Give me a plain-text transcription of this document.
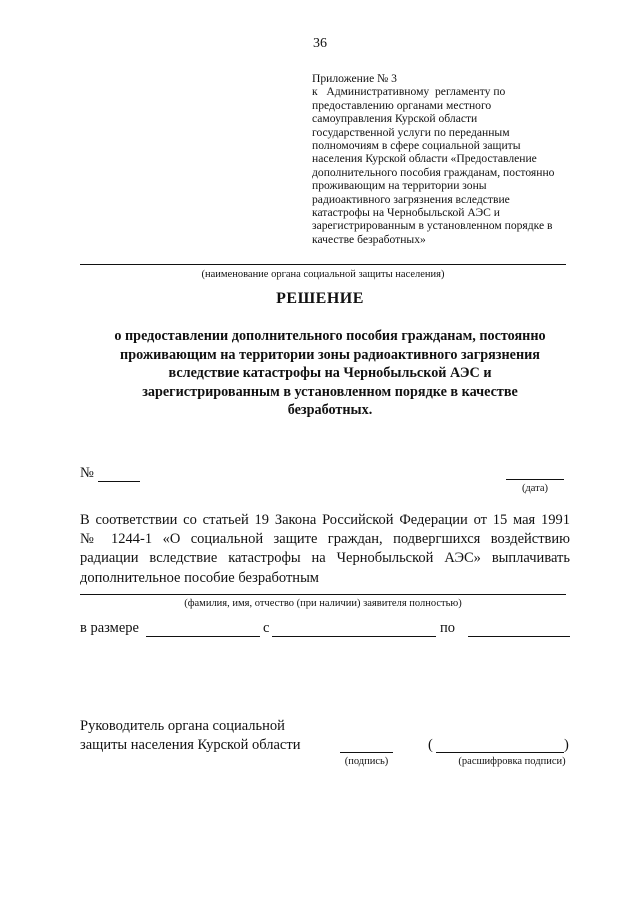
36
Приложение № 3
к   Административному  регламенту по
предоставлению органами местного
самоуправления Курской области
государственной услуги по переданным
полномочиям в сфере социальной защиты
населения Курской области «Предоставление
дополнительного пособия гражданам, постоянно
проживающим на территории зоны
радиоактивного загрязнения вследствие
катастрофы на Чернобыльской АЭС и
зарегистрированным в установленном порядке в
качестве безработных»
(наименование органа социальной защиты населения)
РЕШЕНИЕ
о предоставлении дополнительного пособия гражданам, постоянно
проживающим на территории зоны радиоактивного загрязнения
вследствие катастрофы на Чернобыльской АЭС и
зарегистрированным в установленном порядке в качестве
безработных.
№
(дата)
В соответствии со статьей 19 Закона Российской Федерации от 15 мая 1991
№ 1244-1 «О социальной защите граждан, подвергшихся воздействию
радиации вследствие катастрофы на Чернобыльской АЭС» выплачивать
дополнительное пособие безработным
(фамилия, имя, отчество (при наличии) заявителя полностью)
в размере	с	по
Руководитель органа социальной
защиты населения Курской области
(подпись)
(	)
(расшифровка подписи)
